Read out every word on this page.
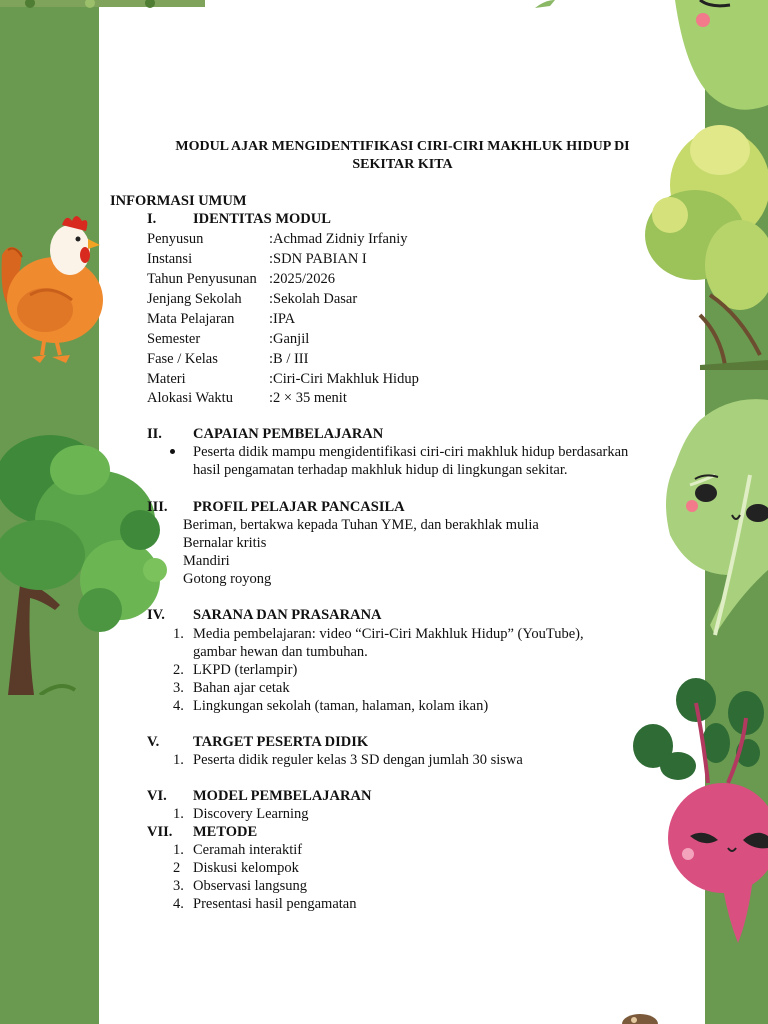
MODUL AJAR MENGIDENTIFIKASI CIRI-CIRI MAKHLUK HIDUP DI
SEKITAR KITA
INFORMASI UMUM
I.	IDENTITAS MODUL
Penyusun	:Achmad Zidniy Irfaniy
Instansi	:SDN PABIAN I
Tahun Penyusunan :2025/2026
Jenjang Sekolah :Sekolah Dasar
Mata Pelajaran :IPA
Semester	:Ganjil
Fase / Kelas	:B / III
Materi	:Ciri-Ciri Makhluk Hidup
Alokasi Waktu :2 × 35 menit
II. CAPAIAN PEMBELAJARAN
Peserta didik mampu mengidentifikasi ciri-ciri makhluk hidup berdasarkan
hasil pengamatan terhadap makhluk hidup di lingkungan sekitar.
III. PROFIL PELAJAR PANCASILA
Beriman, bertakwa kepada Tuhan YME, dan berakhlak mulia
Bernalar kritis
Mandiri
Gotong royong
IV. SARANA DAN PRASARANA
1. Media pembelajaran: video “Ciri-Ciri Makhluk Hidup” (YouTube),
gambar hewan dan tumbuhan.
2. LKPD (terlampir)
3. Bahan ajar cetak
4. Lingkungan sekolah (taman, halaman, kolam ikan)
V. TARGET PESERTA DIDIK
1. Peserta didik reguler kelas 3 SD dengan jumlah 30 siswa
VI. MODEL PEMBELAJARAN
1. Discovery Learning
VII. METODE
1. Ceramah interaktif
2 Diskusi kelompok
3. Observasi langsung
4. Presentasi hasil pengamatan
